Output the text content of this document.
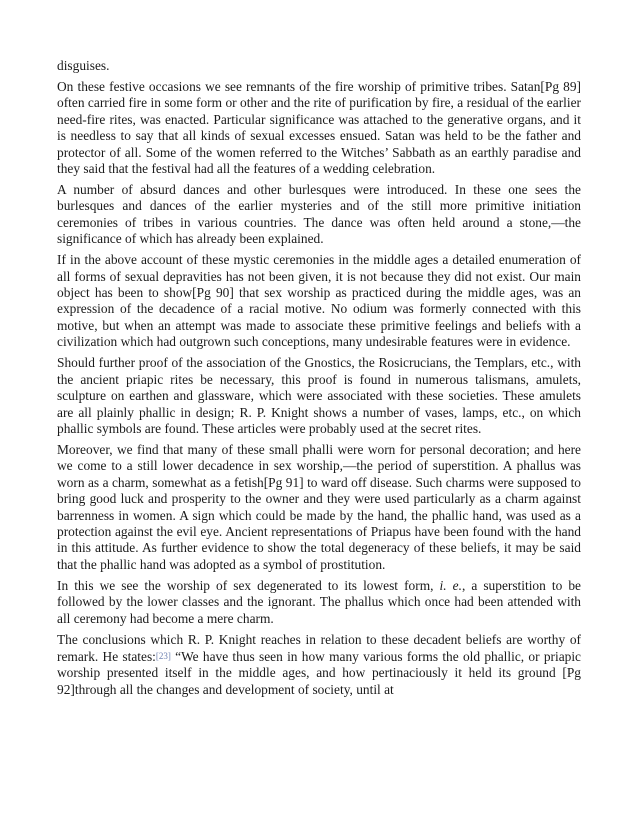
disguises.

On these festive occasions we see remnants of the fire worship of primitive tribes. Satan[Pg 89] often carried fire in some form or other and the rite of purification by fire, a residual of the earlier need-fire rites, was enacted. Particular significance was attached to the generative organs, and it is needless to say that all kinds of sexual excesses ensued. Satan was held to be the father and protector of all. Some of the women referred to the Witches’ Sabbath as an earthly paradise and they said that the festival had all the features of a wedding celebration.

A number of absurd dances and other burlesques were introduced. In these one sees the burlesques and dances of the earlier mysteries and of the still more primitive initiation ceremonies of tribes in various countries. The dance was often held around a stone,—the significance of which has already been explained.

If in the above account of these mystic ceremonies in the middle ages a detailed enumeration of all forms of sexual depravities has not been given, it is not because they did not exist. Our main object has been to show[Pg 90] that sex worship as practiced during the middle ages, was an expression of the decadence of a racial motive. No odium was formerly connected with this motive, but when an attempt was made to associate these primitive feelings and beliefs with a civilization which had outgrown such conceptions, many undesirable features were in evidence.

Should further proof of the association of the Gnostics, the Rosicrucians, the Templars, etc., with the ancient priapic rites be necessary, this proof is found in numerous talismans, amulets, sculpture on earthen and glassware, which were associated with these societies. These amulets are all plainly phallic in design; R. P. Knight shows a number of vases, lamps, etc., on which phallic symbols are found. These articles were probably used at the secret rites.

Moreover, we find that many of these small phalli were worn for personal decoration; and here we come to a still lower decadence in sex worship,—the period of superstition. A phallus was worn as a charm, somewhat as a fetish[Pg 91] to ward off disease. Such charms were supposed to bring good luck and prosperity to the owner and they were used particularly as a charm against barrenness in women. A sign which could be made by the hand, the phallic hand, was used as a protection against the evil eye. Ancient representations of Priapus have been found with the hand in this attitude. As further evidence to show the total degeneracy of these beliefs, it may be said that the phallic hand was adopted as a symbol of prostitution.

In this we see the worship of sex degenerated to its lowest form, i. e., a superstition to be followed by the lower classes and the ignorant. The phallus which once had been attended with all ceremony had become a mere charm.

The conclusions which R. P. Knight reaches in relation to these decadent beliefs are worthy of remark. He states:[23] “We have thus seen in how many various forms the old phallic, or priapic worship presented itself in the middle ages, and how pertinaciously it held its ground [Pg 92]through all the changes and development of society, until at
